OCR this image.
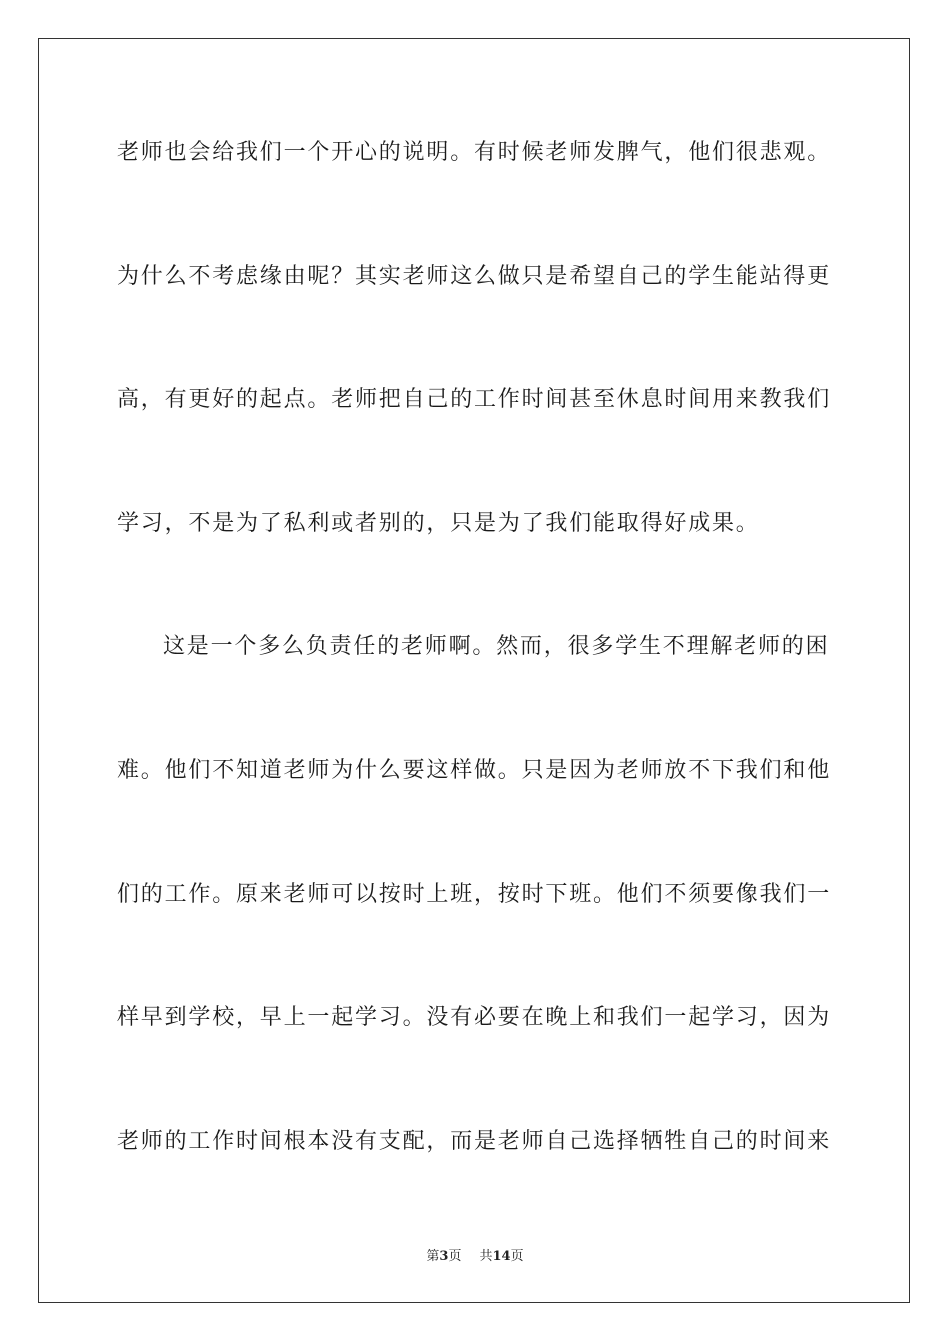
老师也会给我们一个开心的说明。有时候老师发脾气，他们很悲观。

为什么不考虑缘由呢？其实老师这么做只是希望自己的学生能站得更

高，有更好的起点。老师把自己的工作时间甚至休息时间用来教我们

学习，不是为了私利或者别的，只是为了我们能取得好成果。

这是一个多么负责任的老师啊。然而，很多学生不理解老师的困

难。他们不知道老师为什么要这样做。只是因为老师放不下我们和他

们的工作。原来老师可以按时上班，按时下班。他们不须要像我们一

样早到学校，早上一起学习。没有必要在晚上和我们一起学习，因为

老师的工作时间根本没有支配，而是老师自己选择牺牲自己的时间来

第3页 共14页
